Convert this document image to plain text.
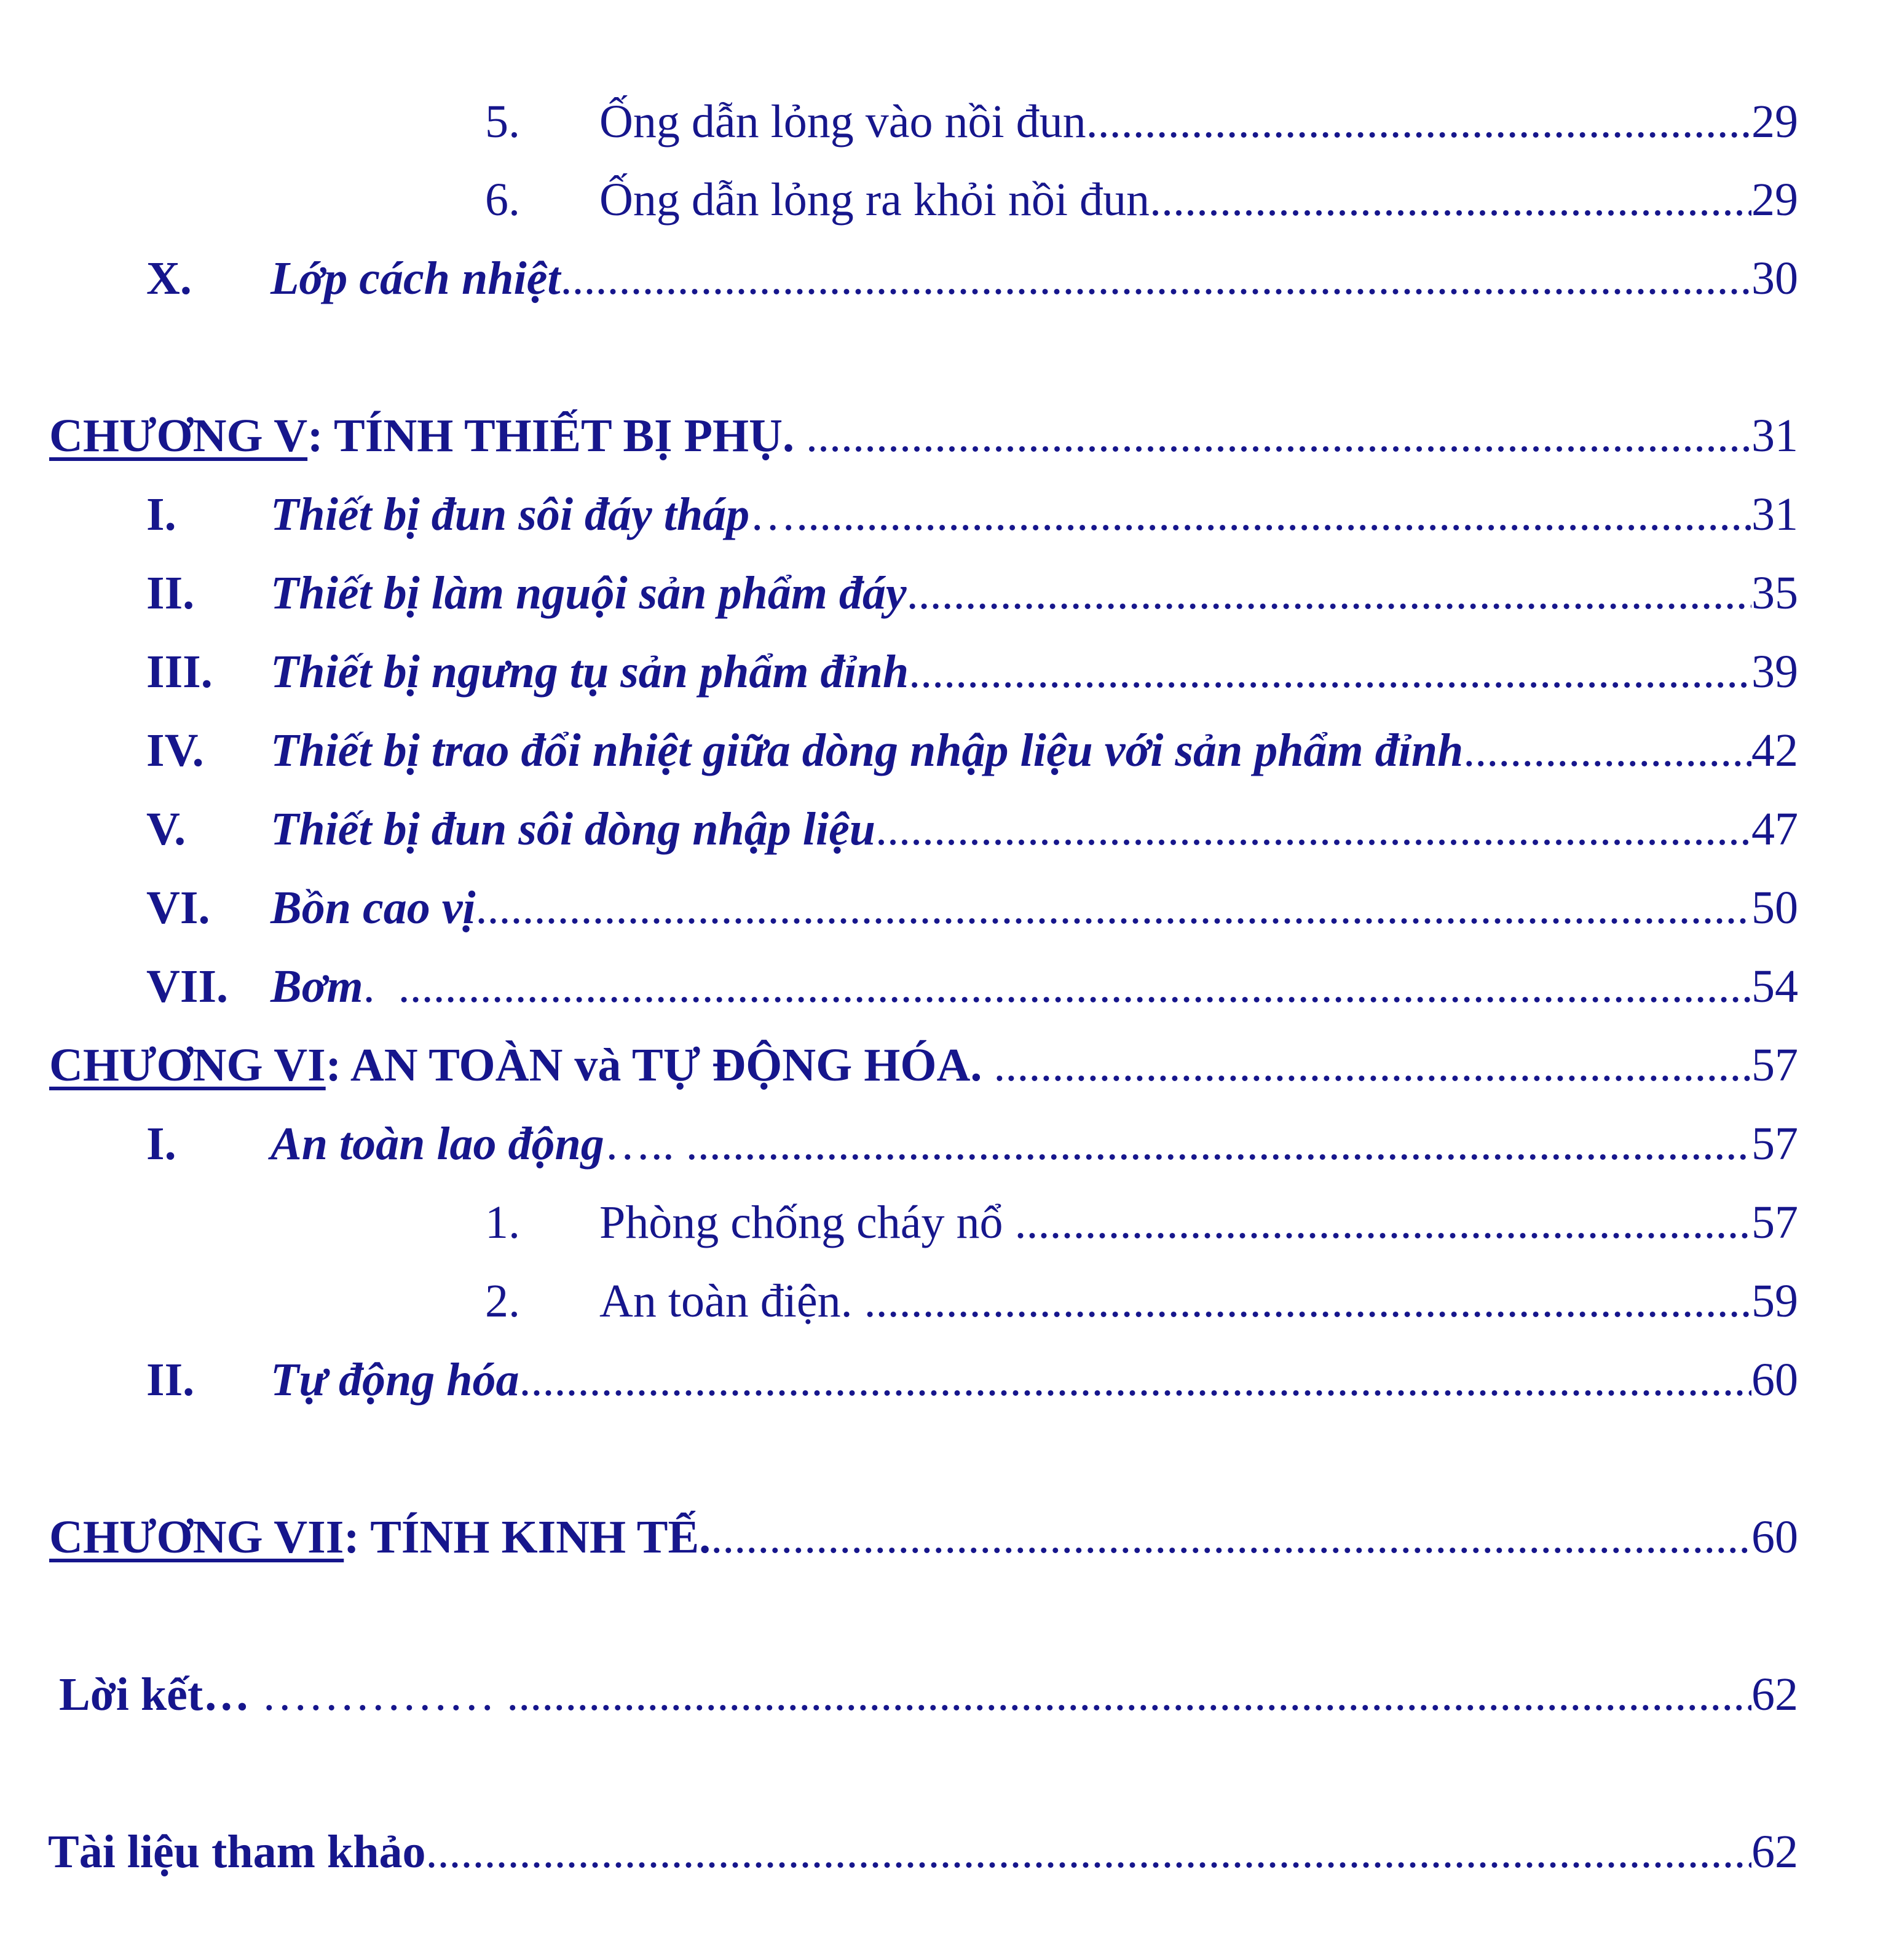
5.	Ống dẫn lỏng vào nồi đun. .....	29
6.	Ống dẫn lỏng ra khỏi nồi đun. .....	29
X.	Lớp cách nhiệt .....	30
CHƯƠNG V : TÍNH THIẾT BỊ PHỤ. .....	31
I.	Thiết bị đun sôi đáy tháp ….. .....	31
II.	Thiết bị làm nguội sản phẩm đáy .....	35
III.	Thiết bị ngưng tụ sản phẩm đỉnh .....	39
IV.	Thiết bị trao đổi nhiệt giữa dòng nhập liệu với sản phẩm đỉnh .....	42
V.	Thiết bị đun sôi dòng nhập liệu .....	47
VI.	Bồn cao vị .....	50
VII. Bơm . .....	54
CHƯƠNG VI : AN TOÀN và TỰ ĐỘNG HÓA. .....	57
I.	An toàn lao động ….. .....	57
1.	Phòng chống cháy nổ .....	57
2.	An toàn điện. .....	59
II.	Tự động hóa .....	60
CHƯƠNG VII : TÍNH KINH TẾ. .....	60
Lời kết… …………… .....	62
Tài liệu tham khảo .....	62
